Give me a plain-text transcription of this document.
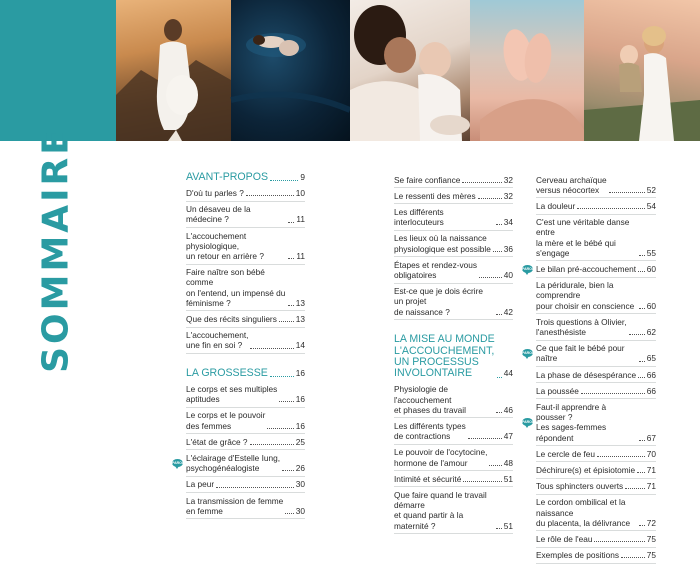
SOMMAIRE	AVANT-PROPOS	9
D'où tu parles ?	10
Un désaveu de la médecine ?	11
L'accouchement physiologique,
un retour en arrière ?	11
Faire naître son bébé comme
on l'entend, un impensé du
féminisme ?	13
Que des récits singuliers 13
L'accouchement,
une fin en soi ?	14
LA GROSSESSE	16
Le corps et ses multiples
aptitudes	16
Le corps et le pouvoir
des femmes	16
L'état de grâce ?	25
PAROLE
L'éclairage d'Estelle Iung,
psychogénéalogiste	26
La peur	30
La transmission de femme
en femme	30
Se faire confiance	32
Le ressenti des mères	32
Les différents interlocuteurs	34
Les lieux où la naissance
physiologique est possible 36
Étapes et rendez-vous
obligatoires	40
Est-ce que je dois écrire un projet
de naissance ?	42
LA MISE AU MONDE
L'ACCOUCHEMENT,
UN PROCESSUS
INVOLONTAIRE	44
Physiologie de l'accouchement
et phases du travail	46
Les différents types
de contractions	47
Le pouvoir de l'ocytocine,
hormone de l'amour	48
Intimité et sécurité	51
Que faire quand le travail démarre
et quand partir à la maternité ?	51
Cerveau archaïque
versus néocortex	52
La douleur	54
C'est une véritable danse entre
la mère et le bébé qui s'engage	55
PAROLE Le bilan pré-accouchement 60
La péridurale, bien la comprendre
pour choisir en conscience	60
Trois questions à Olivier,
l'anesthésiste	62
PAROLE
Ce que fait le bébé pour naître	65
La phase de désespérance 66
La poussée	66
PAROLE
Faut-il apprendre à pousser ?
Les sages-femmes répondent	67
Le cercle de feu	70
Déchirure(s) et épisiotomie 71
Tous sphincters ouverts	71
Le cordon ombilical et la naissance
du placenta, la délivrance	72
Le rôle de l'eau	75
Exemples de positions	75
